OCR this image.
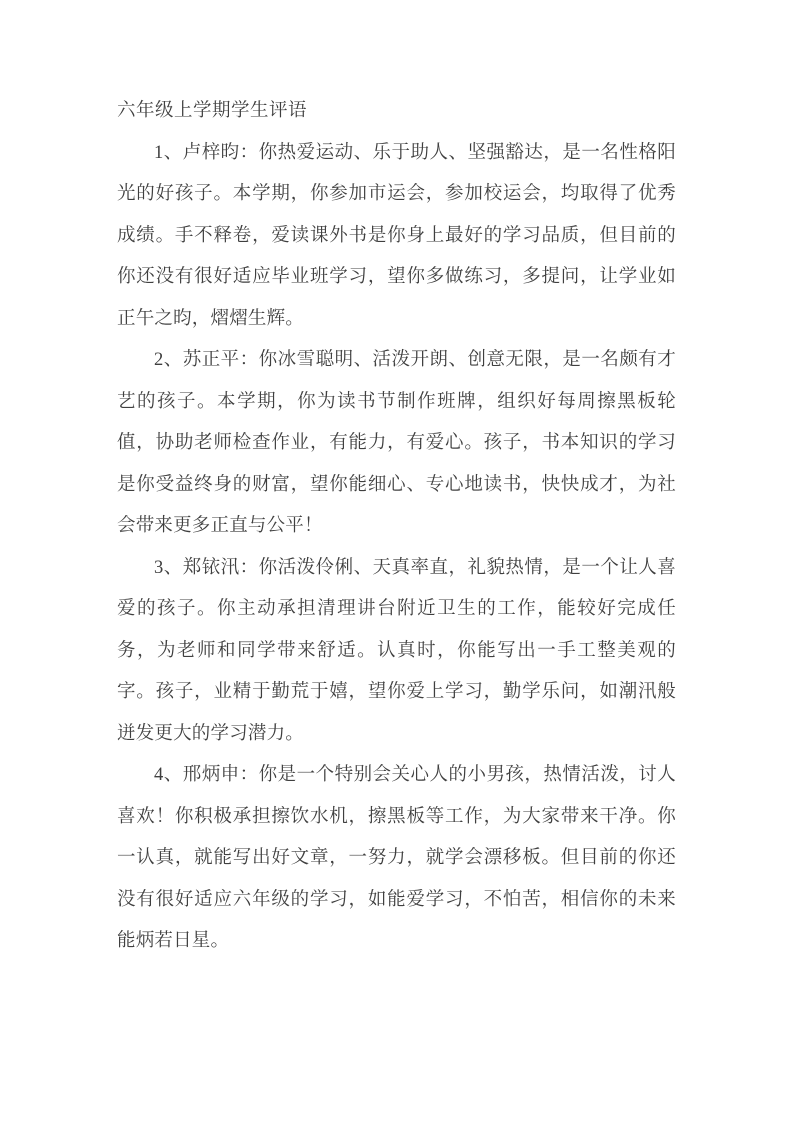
六年级上学期学生评语

1、卢梓昀：你热爱运动、乐于助人、坚强豁达，是一名性格阳光的好孩子。本学期，你参加市运会，参加校运会，均取得了优秀成绩。手不释卷，爱读课外书是你身上最好的学习品质，但目前的你还没有很好适应毕业班学习，望你多做练习，多提问，让学业如正午之昀，熠熠生辉。

2、苏正平：你冰雪聪明、活泼开朗、创意无限，是一名颇有才艺的孩子。本学期，你为读书节制作班牌，组织好每周擦黑板轮值，协助老师检查作业，有能力，有爱心。孩子，书本知识的学习是你受益终身的财富，望你能细心、专心地读书，快快成才，为社会带来更多正直与公平！

3、郑铱汛：你活泼伶俐、天真率直，礼貌热情，是一个让人喜爱的孩子。你主动承担清理讲台附近卫生的工作，能较好完成任务，为老师和同学带来舒适。认真时，你能写出一手工整美观的字。孩子，业精于勤荒于嬉，望你爱上学习，勤学乐问，如潮汛般迸发更大的学习潜力。

4、邢炳申：你是一个特别会关心人的小男孩，热情活泼，讨人喜欢！你积极承担擦饮水机，擦黑板等工作，为大家带来干净。你一认真，就能写出好文章，一努力，就学会漂移板。但目前的你还没有很好适应六年级的学习，如能爱学习，不怕苦，相信你的未来能炳若日星。
